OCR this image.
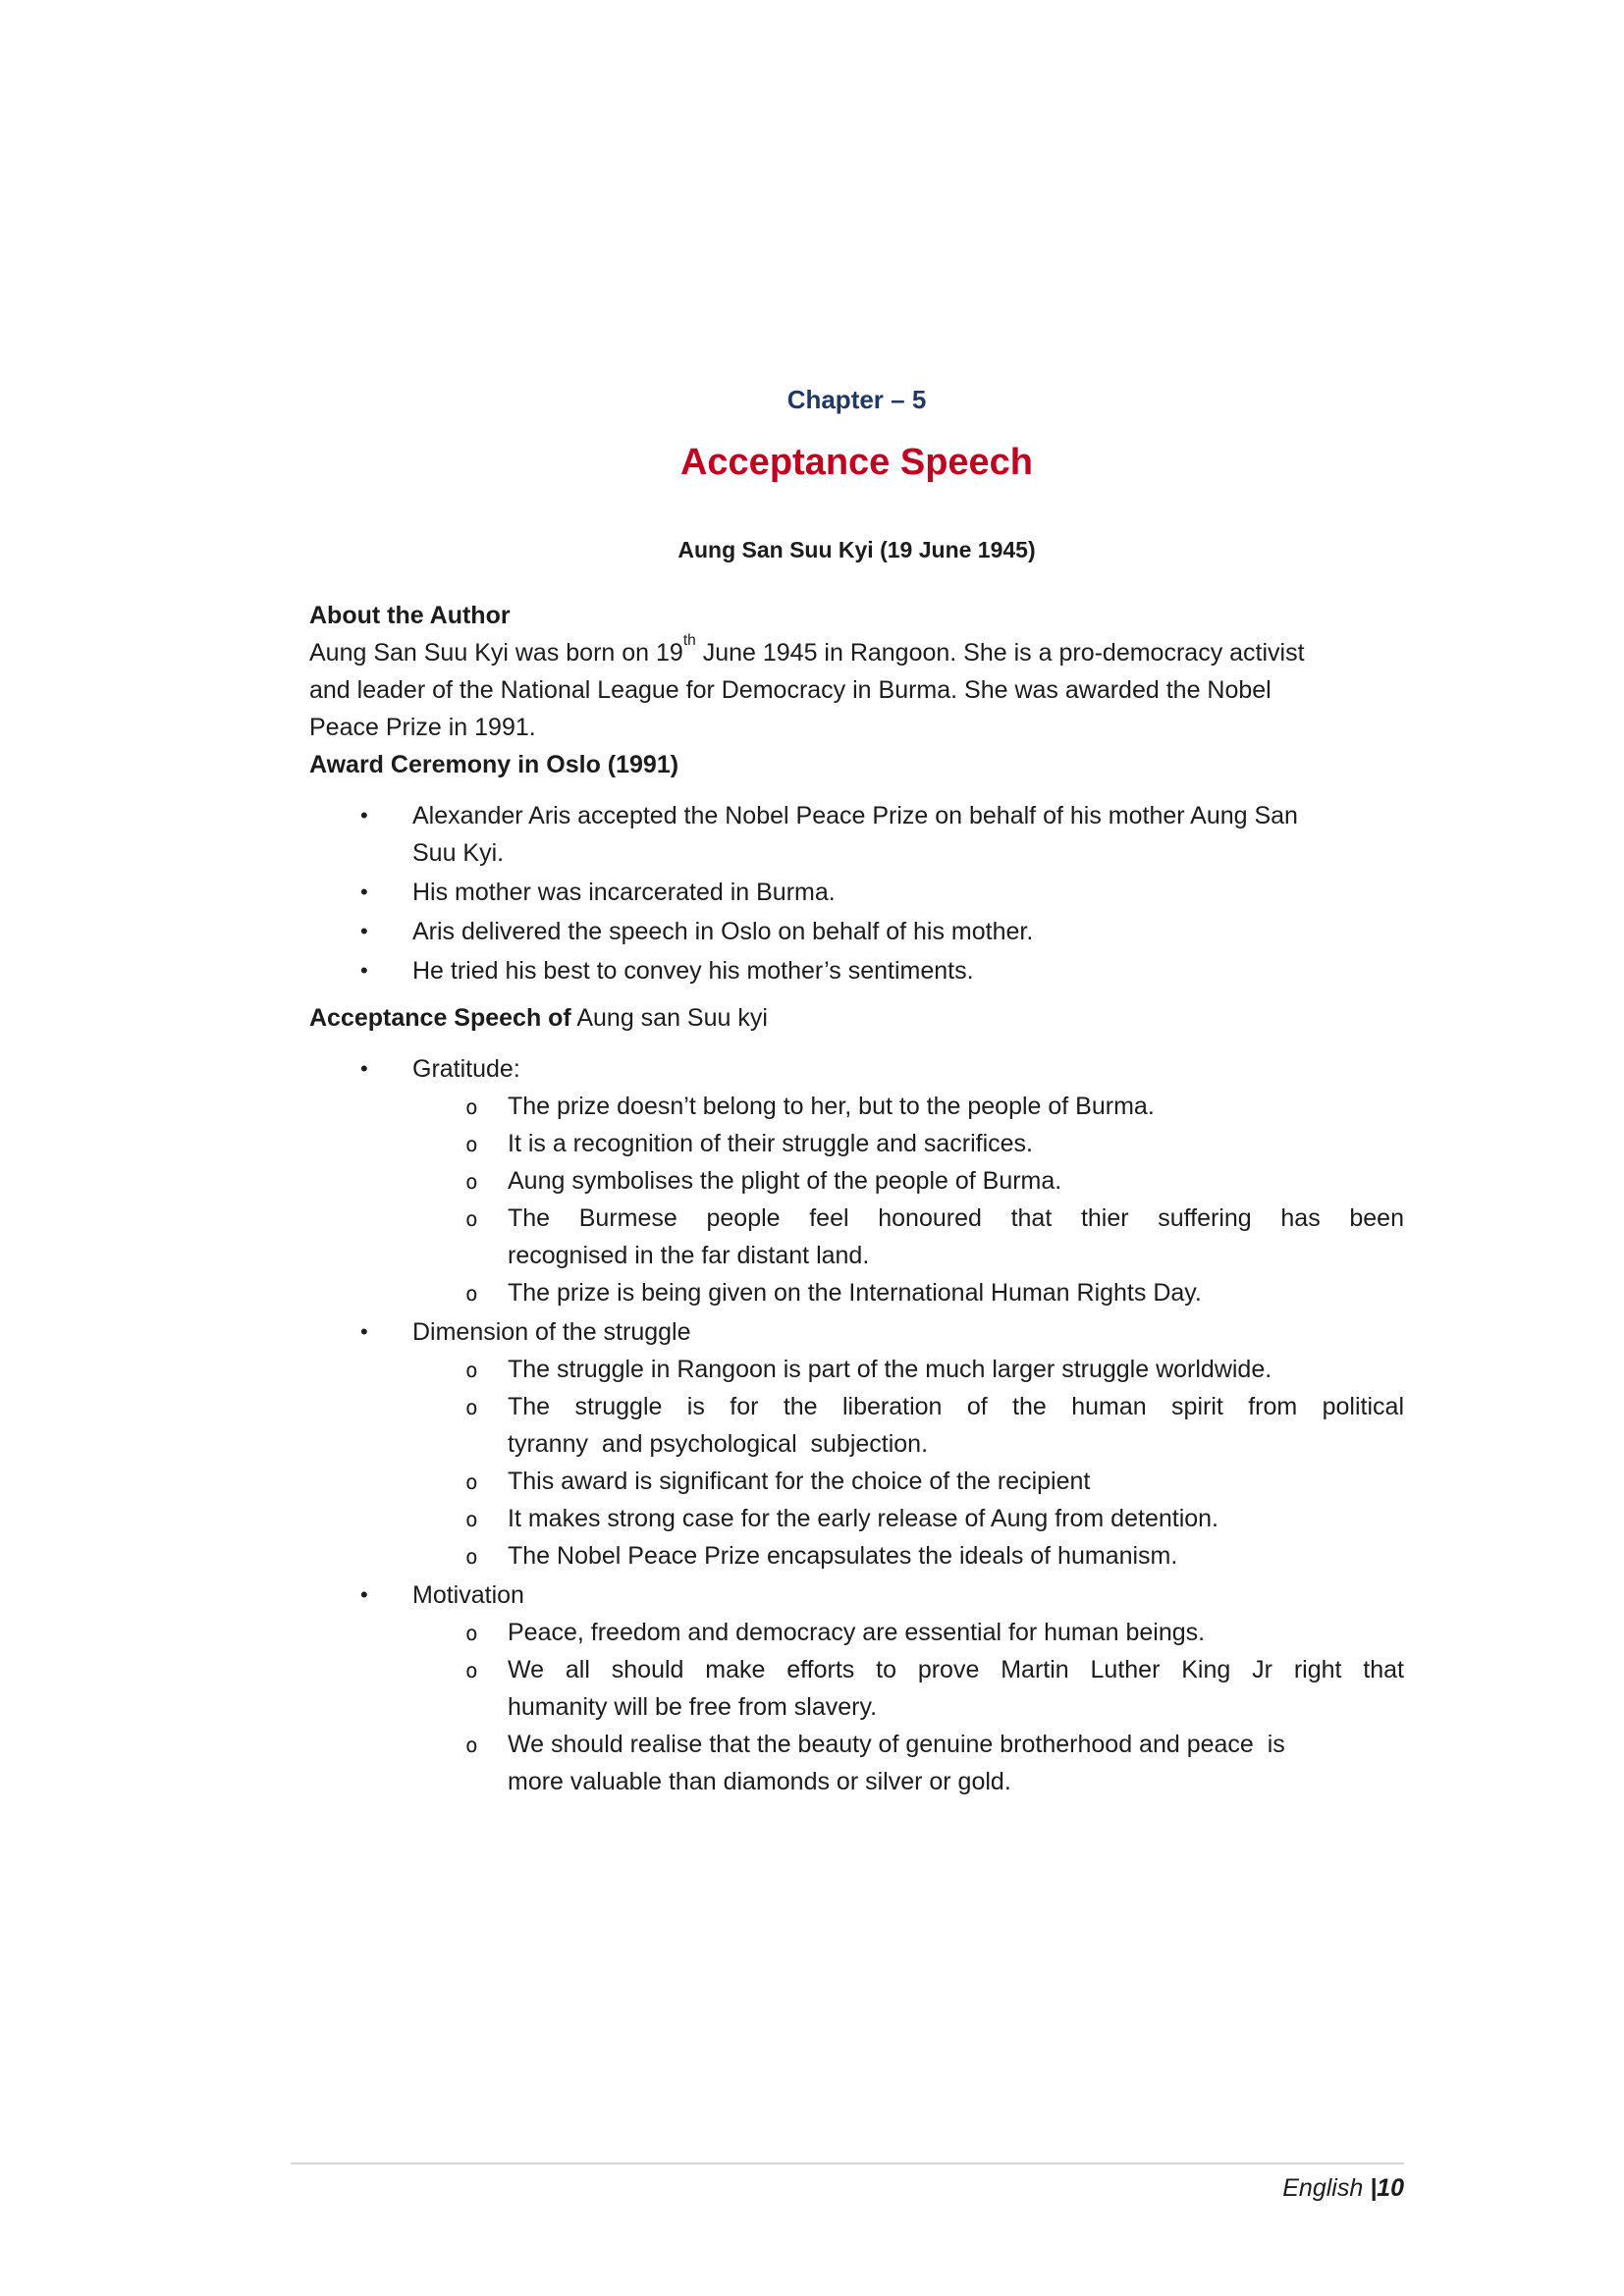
Chapter – 5
Acceptance Speech
Aung San Suu Kyi (19 June 1945)
About the Author
Aung San Suu Kyi was born on 19th June 1945 in Rangoon. She is a pro-democracy activist
and leader of the National League for Democracy in Burma. She was awarded the Nobel
Peace Prize in 1991.
Award Ceremony in Oslo (1991)
• Alexander Aris accepted the Nobel Peace Prize on behalf of his mother Aung San
Suu Kyi.
• His mother was incarcerated in Burma.
• Aris delivered the speech in Oslo on behalf of his mother.
• He tried his best to convey his mother’s sentiments.
Acceptance Speech of Aung san Suu kyi
• Gratitude:
o The prize doesn’t belong to her, but to the people of Burma.
o It is a recognition of their struggle and sacrifices.
o Aung symbolises the plight of the people of Burma.
o The Burmese people feel honoured that thier suffering has been
recognised in the far distant land.
o The prize is being given on the International Human Rights Day.
• Dimension of the struggle
o The struggle in Rangoon is part of the much larger struggle worldwide.
o The struggle is for the liberation of the human spirit from political
tyranny  and psychological  subjection.
o This award is significant for the choice of the recipient
o It makes strong case for the early release of Aung from detention.
o The Nobel Peace Prize encapsulates the ideals of humanism.
• Motivation
o Peace, freedom and democracy are essential for human beings.
o We all should make efforts to prove Martin Luther King Jr right that
humanity will be free from slavery.
o We should realise that the beauty of genuine brotherhood and peace  is
more valuable than diamonds or silver or gold.
English |10
